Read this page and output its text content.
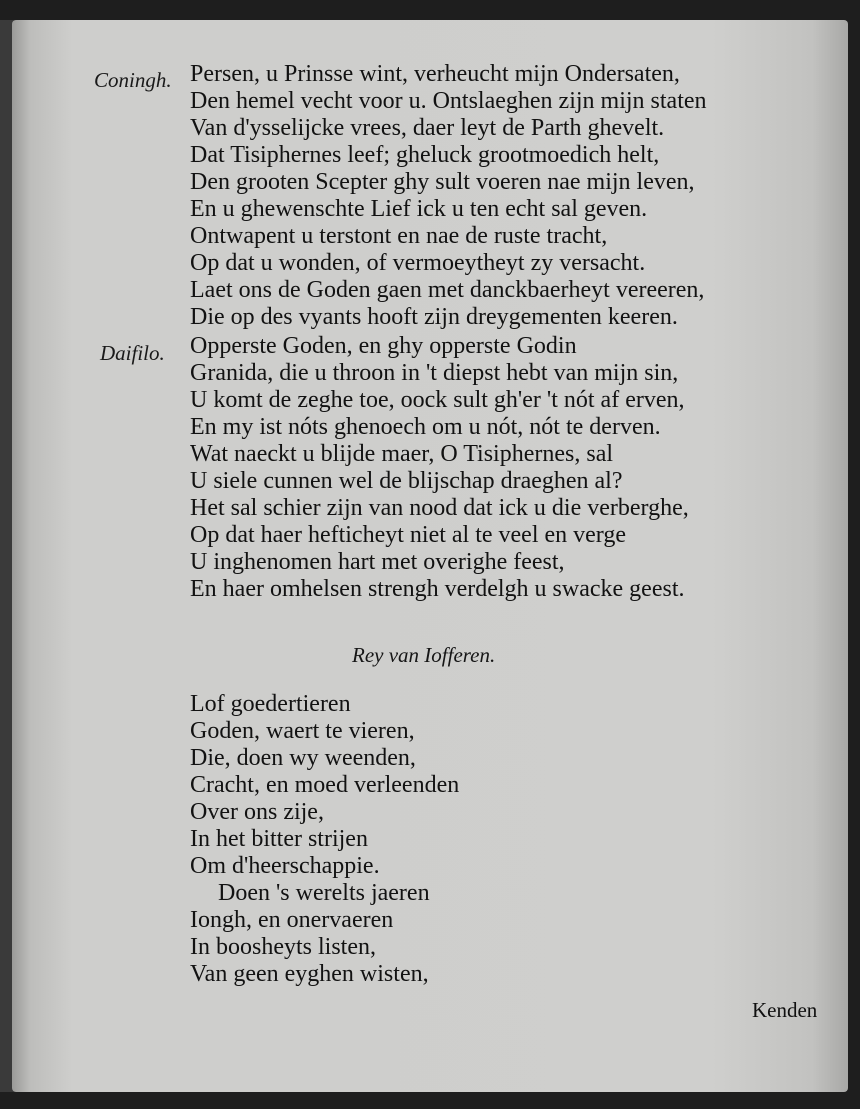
Coningh. Persen, u Prinsse wint, verheucht mijn Ondersaten,
Den hemel vecht voor u. Ontslaeghen zijn mijn staten
Van d'ysselijcke vrees, daer leyt de Parth ghevelt.
Dat Tisiphernes leef; gheluck grootmoedich helt,
Den grooten Scepter ghy sult voeren nae mijn leven,
En u ghewenschte Lief ick u ten echt sal geven.
Ontwapent u terstont en nae de ruste tracht,
Op dat u wonden, of vermoeytheyt zy versacht.
Laet ons de Goden gaen met danckbaerheyt vereeren,
Die op des vyants hooft zijn dreygementen keeren.
Daifilo. Opperste Goden, en ghy opperste Godin
Granida, die u throon in 't diepst hebt van mijn sin,
U komt de zeghe toe, oock sult gh'er 't nót af erven,
En my ist nóts ghenoech om u nót, nót te derven.
Wat naeckt u blijde maer, O Tisiphernes, sal
U siele cunnen wel de blijschap draeghen al?
Het sal schier zijn van nood dat ick u die verberghe,
Op dat haer hefticheyt niet al te veel en verge
U inghenomen hart met overighe feest,
En haer omhelsen strengh verdelgh u swacke geest.
Rey van Iofferen.
Lof goedertieren
Goden, waert te vieren,
Die, doen wy weenden,
Cracht, en moed verleenden
Over ons zije,
In het bitter strijen
Om d'heerschappie.
Doen 's werelts jaeren
Iongh, en onervaeren
In boosheyts listen,
Van geen eyghen wisten,
Kenden
